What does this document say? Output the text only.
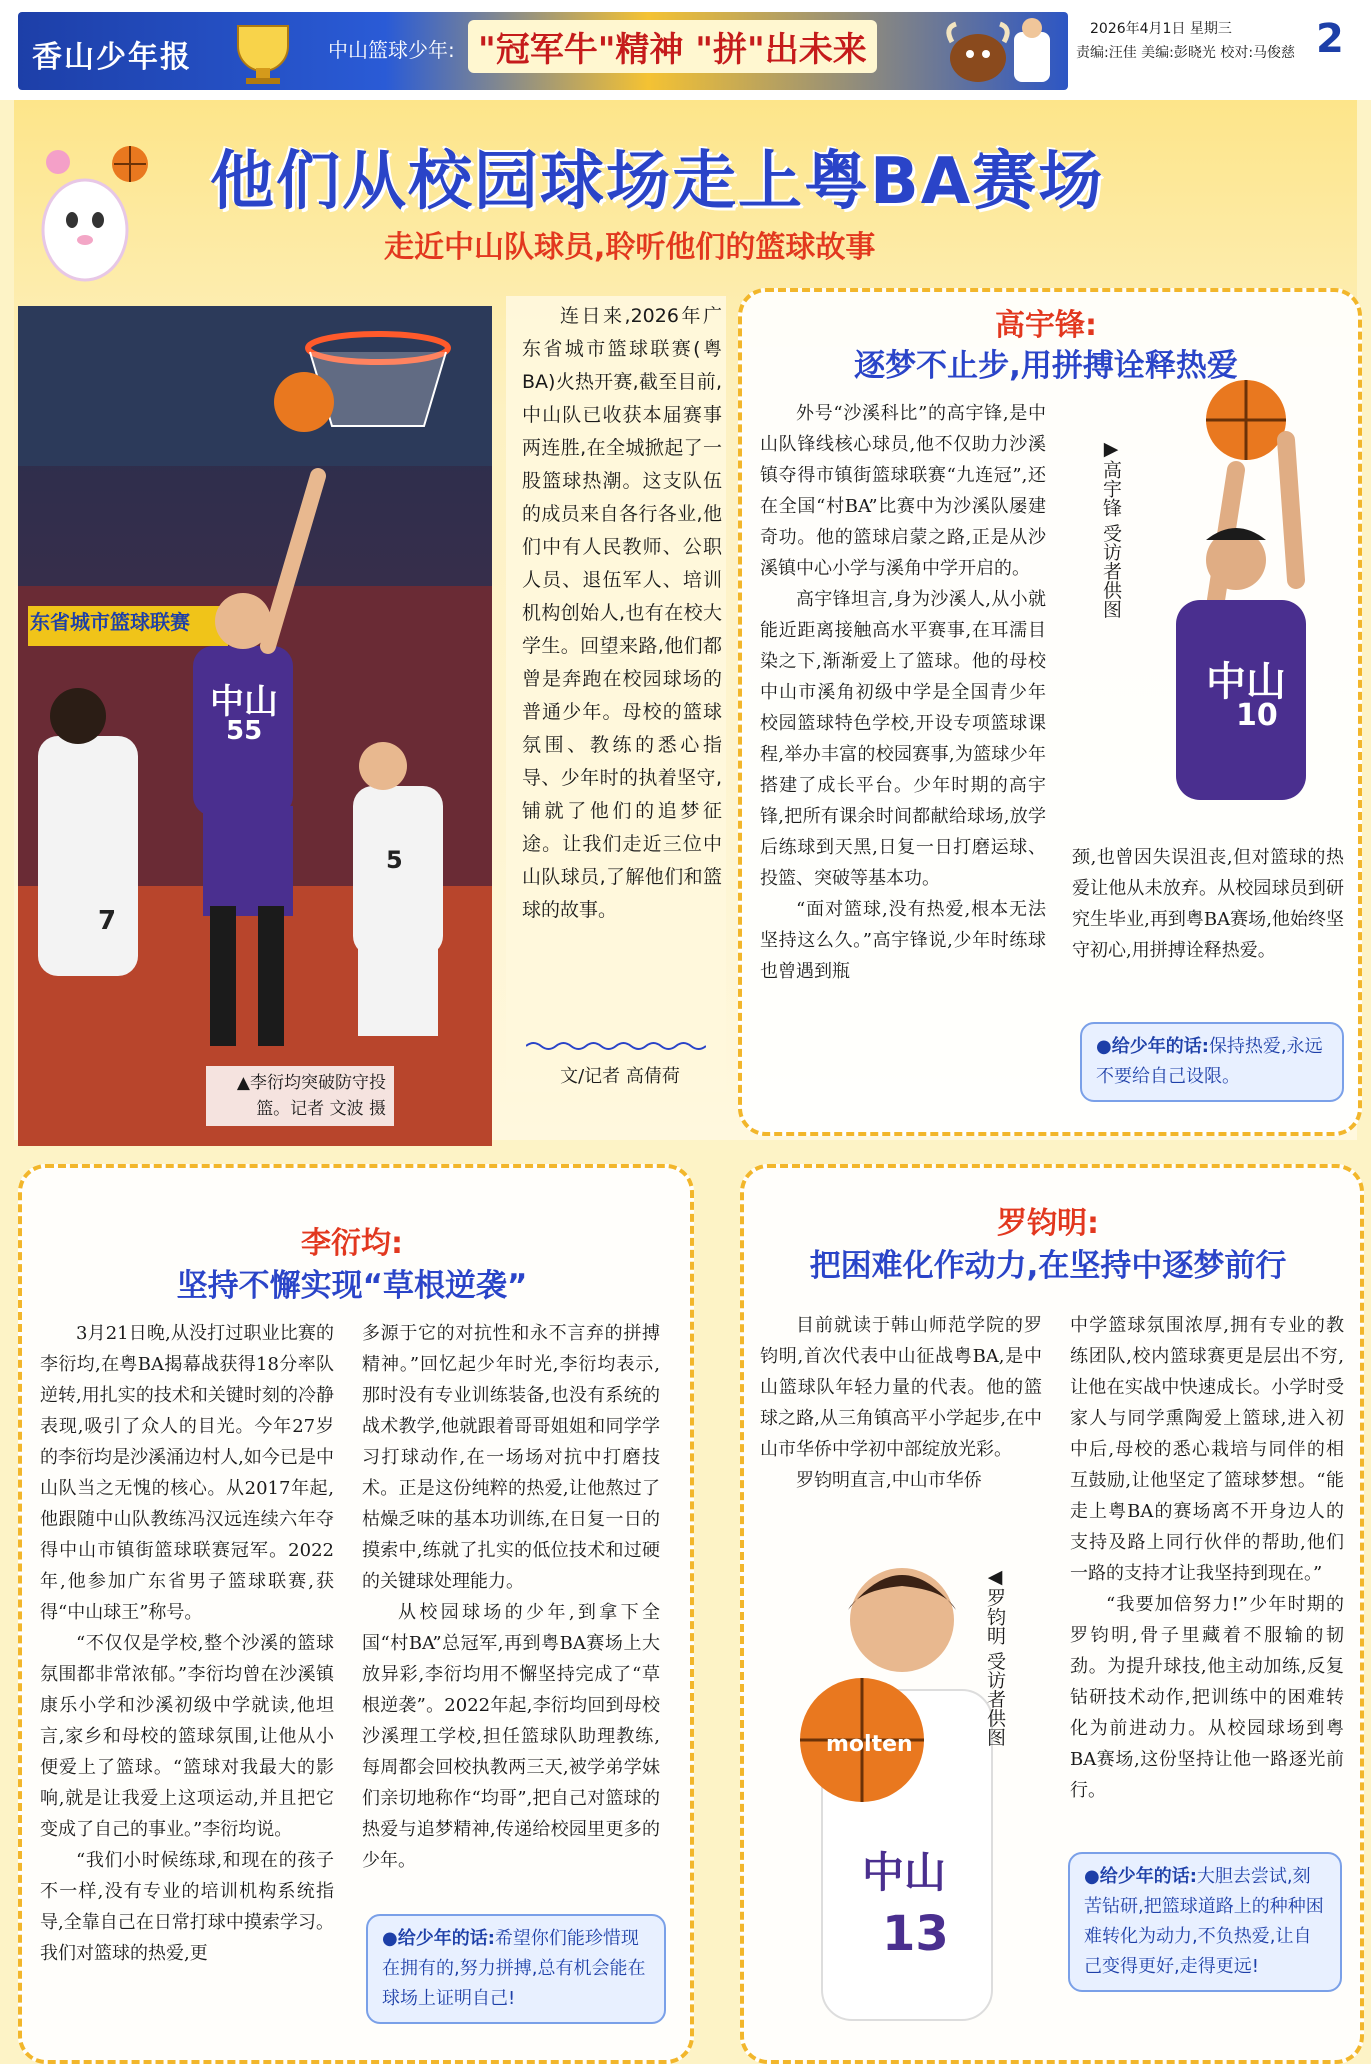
香山少年报	中山篮球少年: "冠军牛"精神 "拼"出未来
2026年4月1日 星期三
责编:汪佳 美编:彭晓光 校对:马俊慈 2
他们从校园球场走上粤BA赛场
走近中山队球员,聆听他们的篮球故事
东省城市篮球联赛
中山
55
5
7
▲李衍均突破防守投篮。记者 文波 摄

连日来,2026年广东省城市篮球联赛(粤BA)火热开赛,截至目前,中山队已收获本届赛事两连胜,在全城掀起了一股篮球热潮。这支队伍的成员来自各行各业,他们中有人民教师、公职人员、退伍军人、培训机构创始人,也有在校大学生。回望来路,他们都曾是奔跑在校园球场的普通少年。母校的篮球氛围、教练的悉心指导、少年时的执着坚守,铺就了他们的追梦征途。让我们走近三位中山队球员,了解他们和篮球的故事。

文/记者 高倩荷
高宇锋:
逐梦不止步,用拼搏诠释热爱

外号“沙溪科比”的高宇锋,是中山队锋线核心球员,他不仅助力沙溪镇夺得市镇街篮球联赛“九连冠”,还在全国“村BA”比赛中为沙溪队屡建奇功。他的篮球启蒙之路,正是从沙溪镇中心小学与溪角中学开启的。

高宇锋坦言,身为沙溪人,从小就能近距离接触高水平赛事,在耳濡目染之下,渐渐爱上了篮球。他的母校中山市溪角初级中学是全国青少年校园篮球特色学校,开设专项篮球课程,举办丰富的校园赛事,为篮球少年搭建了成长平台。少年时期的高宇锋,把所有课余时间都献给球场,放学后练球到天黑,日复一日打磨运球、投篮、突破等基本功。

“面对篮球,没有热爱,根本无法坚持这么久。”高宇锋说,少年时练球也曾遇到瓶

中山
10
▶高宇锋 受访者供图

颈,也曾因失误沮丧,但对篮球的热爱让他从未放弃。从校园球员到研究生毕业,再到粤BA赛场,他始终坚守初心,用拼搏诠释热爱。

●给少年的话:保持热爱,永远不要给自己设限。
李衍均:
坚持不懈实现“草根逆袭”

3月21日晚,从没打过职业比赛的李衍均,在粤BA揭幕战获得18分率队逆转,用扎实的技术和关键时刻的冷静表现,吸引了众人的目光。今年27岁的李衍均是沙溪涌边村人,如今已是中山队当之无愧的核心。从2017年起,他跟随中山队教练冯汉远连续六年夺得中山市镇街篮球联赛冠军。2022年,他参加广东省男子篮球联赛,获得“中山球王”称号。

“不仅仅是学校,整个沙溪的篮球氛围都非常浓郁。”李衍均曾在沙溪镇康乐小学和沙溪初级中学就读,他坦言,家乡和母校的篮球氛围,让他从小便爱上了篮球。“篮球对我最大的影响,就是让我爱上这项运动,并且把它变成了自己的事业。”李衍均说。

“我们小时候练球,和现在的孩子不一样,没有专业的培训机构系统指导,全靠自己在日常打球中摸索学习。我们对篮球的热爱,更

多源于它的对抗性和永不言弃的拼搏精神。”回忆起少年时光,李衍均表示,那时没有专业训练装备,也没有系统的战术教学,他就跟着哥哥姐姐和同学学习打球动作,在一场场对抗中打磨技术。正是这份纯粹的热爱,让他熬过了枯燥乏味的基本功训练,在日复一日的摸索中,练就了扎实的低位技术和过硬的关键球处理能力。

从校园球场的少年,到拿下全国“村BA”总冠军,再到粤BA赛场上大放异彩,李衍均用不懈坚持完成了“草根逆袭”。2022年起,李衍均回到母校沙溪理工学校,担任篮球队助理教练,每周都会回校执教两三天,被学弟学妹们亲切地称作“均哥”,把自己对篮球的热爱与追梦精神,传递给校园里更多的少年。

●给少年的话:希望你们能珍惜现在拥有的,努力拼搏,总有机会能在球场上证明自己!
罗钧明:
把困难化作动力,在坚持中逐梦前行

目前就读于韩山师范学院的罗钧明,首次代表中山征战粤BA,是中山篮球队年轻力量的代表。他的篮球之路,从三角镇高平小学起步,在中山市华侨中学初中部绽放光彩。

罗钧明直言,中山市华侨

molten
中山
13
◀罗钧明 受访者供图

中学篮球氛围浓厚,拥有专业的教练团队,校内篮球赛更是层出不穷,让他在实战中快速成长。小学时受家人与同学熏陶爱上篮球,进入初中后,母校的悉心栽培与同伴的相互鼓励,让他坚定了篮球梦想。“能走上粤BA的赛场离不开身边人的支持及路上同行伙伴的帮助,他们一路的支持才让我坚持到现在。”

“我要加倍努力!”少年时期的罗钧明,骨子里藏着不服输的韧劲。为提升球技,他主动加练,反复钻研技术动作,把训练中的困难转化为前进动力。从校园球场到粤BA赛场,这份坚持让他一路逐光前行。

●给少年的话:大胆去尝试,刻苦钻研,把篮球道路上的种种困难转化为动力,不负热爱,让自己变得更好,走得更远!
